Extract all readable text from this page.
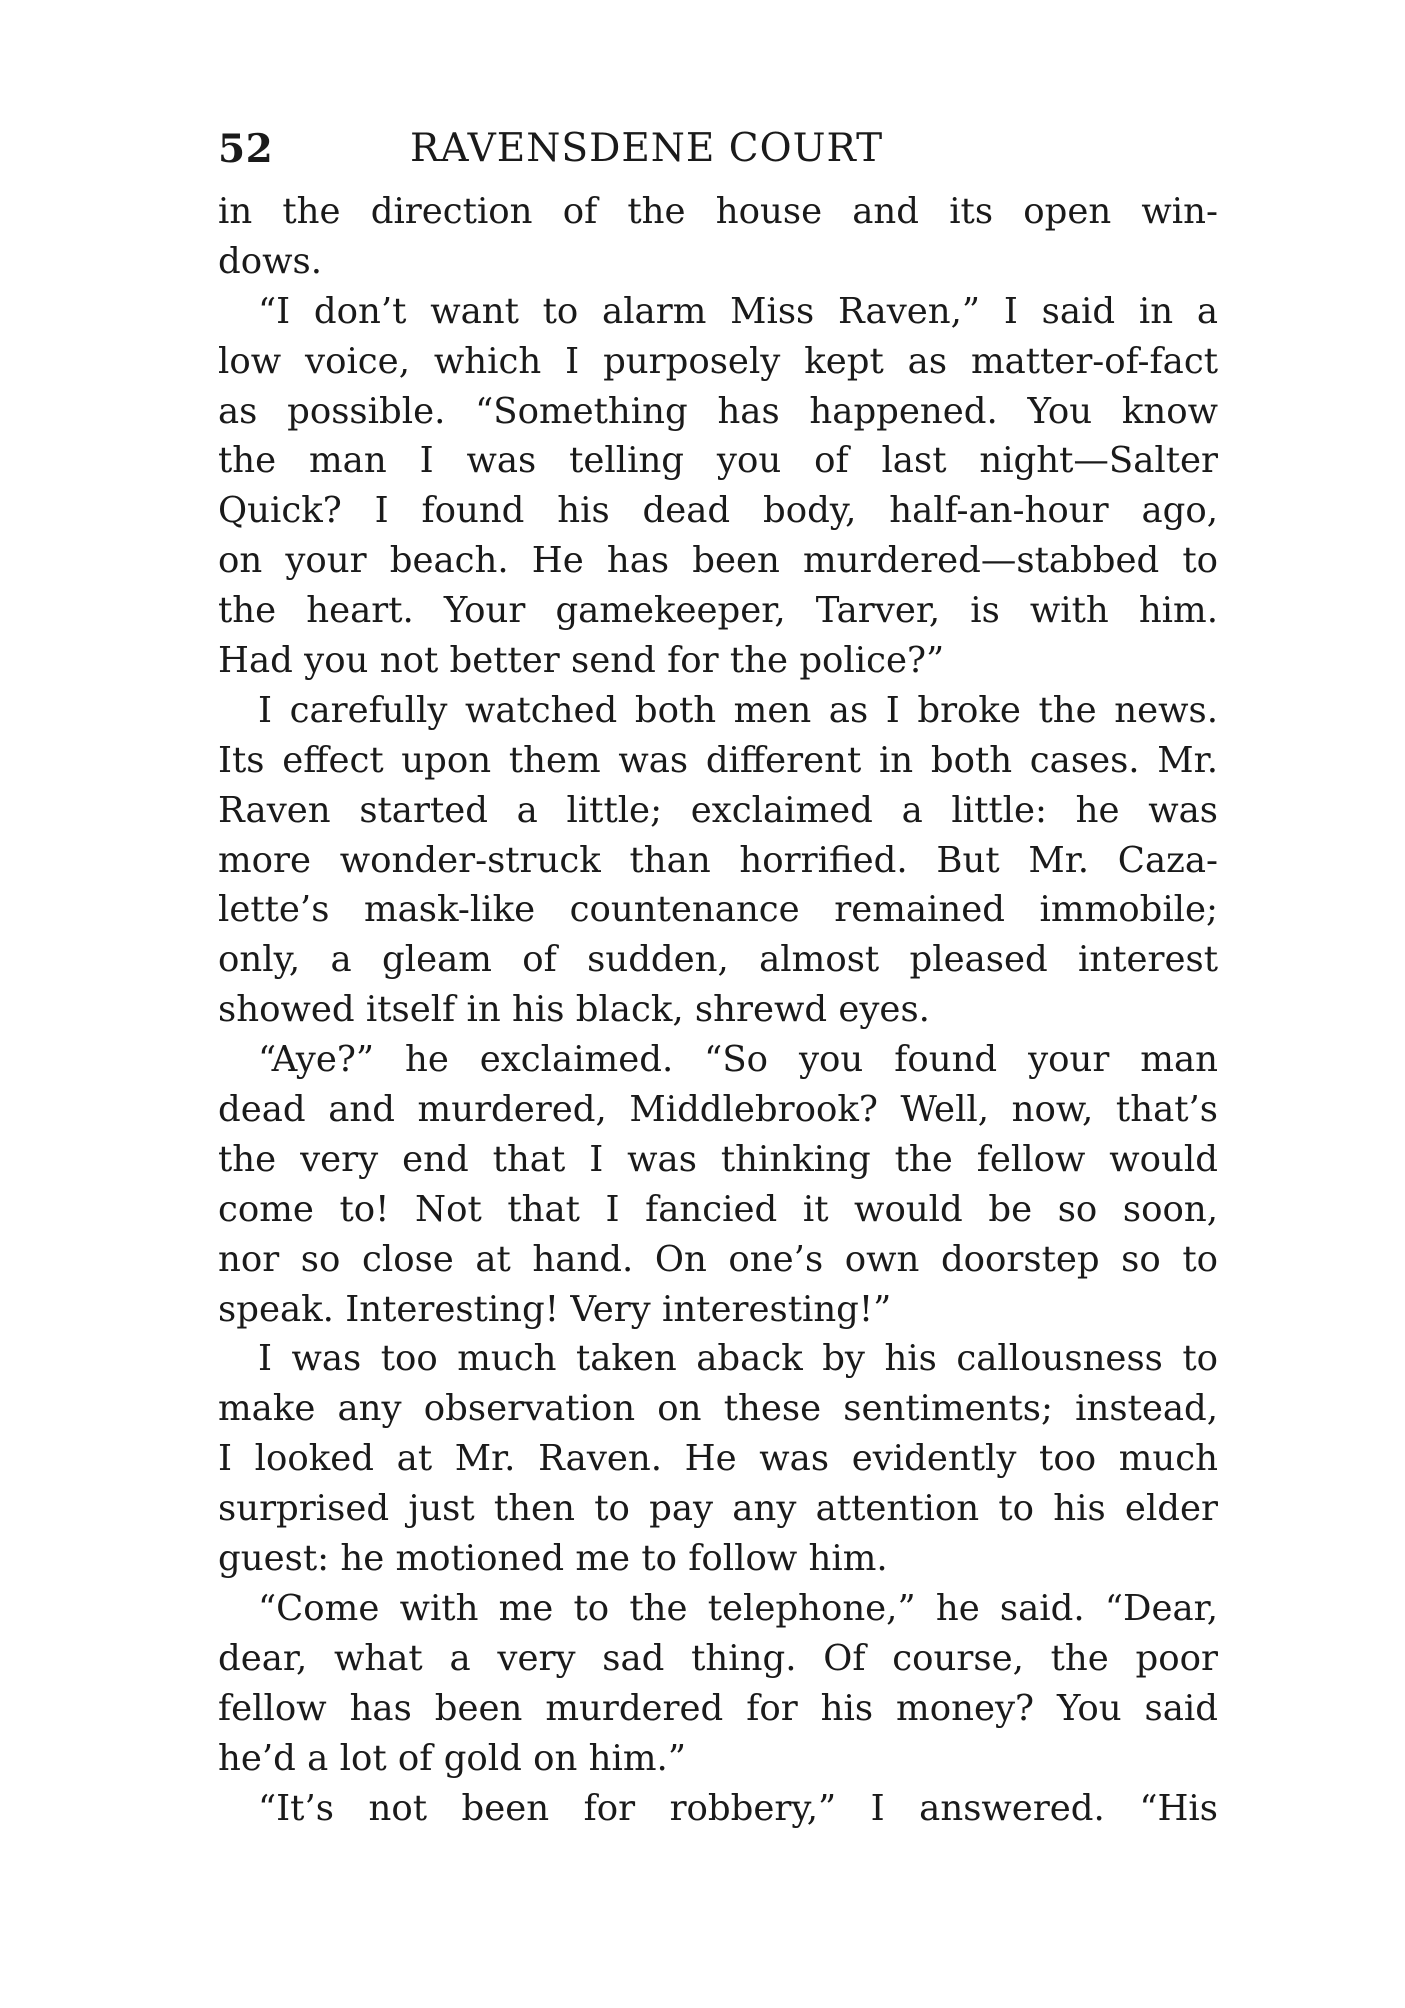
52	RAVENSDENE COURT
in the direction of the house and its open win-
dows.
“I don’t want to alarm Miss Raven,” I said in a
low voice, which I purposely kept as matter-of-fact
as possible. “Something has happened. You know
the man I was telling you of last night—Salter
Quick? I found his dead body, half-an-hour ago,
on your beach. He has been murdered—stabbed to
the heart. Your gamekeeper, Tarver, is with him.
Had you not better send for the police?”
I carefully watched both men as I broke the news.
Its effect upon them was different in both cases. Mr.
Raven started a little; exclaimed a little: he was
more wonder-struck than horrified. But Mr. Caza-
lette’s mask-like countenance remained immobile;
only, a gleam of sudden, almost pleased interest
showed itself in his black, shrewd eyes.
“Aye?” he exclaimed. “So you found your man
dead and murdered, Middlebrook? Well, now, that’s
the very end that I was thinking the fellow would
come to! Not that I fancied it would be so soon,
nor so close at hand. On one’s own doorstep so to
speak. Interesting! Very interesting!”
I was too much taken aback by his callousness to
make any observation on these sentiments; instead,
I looked at Mr. Raven. He was evidently too much
surprised just then to pay any attention to his elder
guest: he motioned me to follow him.
“Come with me to the telephone,” he said. “Dear,
dear, what a very sad thing. Of course, the poor
fellow has been murdered for his money? You said
he’d a lot of gold on him.”
“It’s not been for robbery,” I answered. “His
